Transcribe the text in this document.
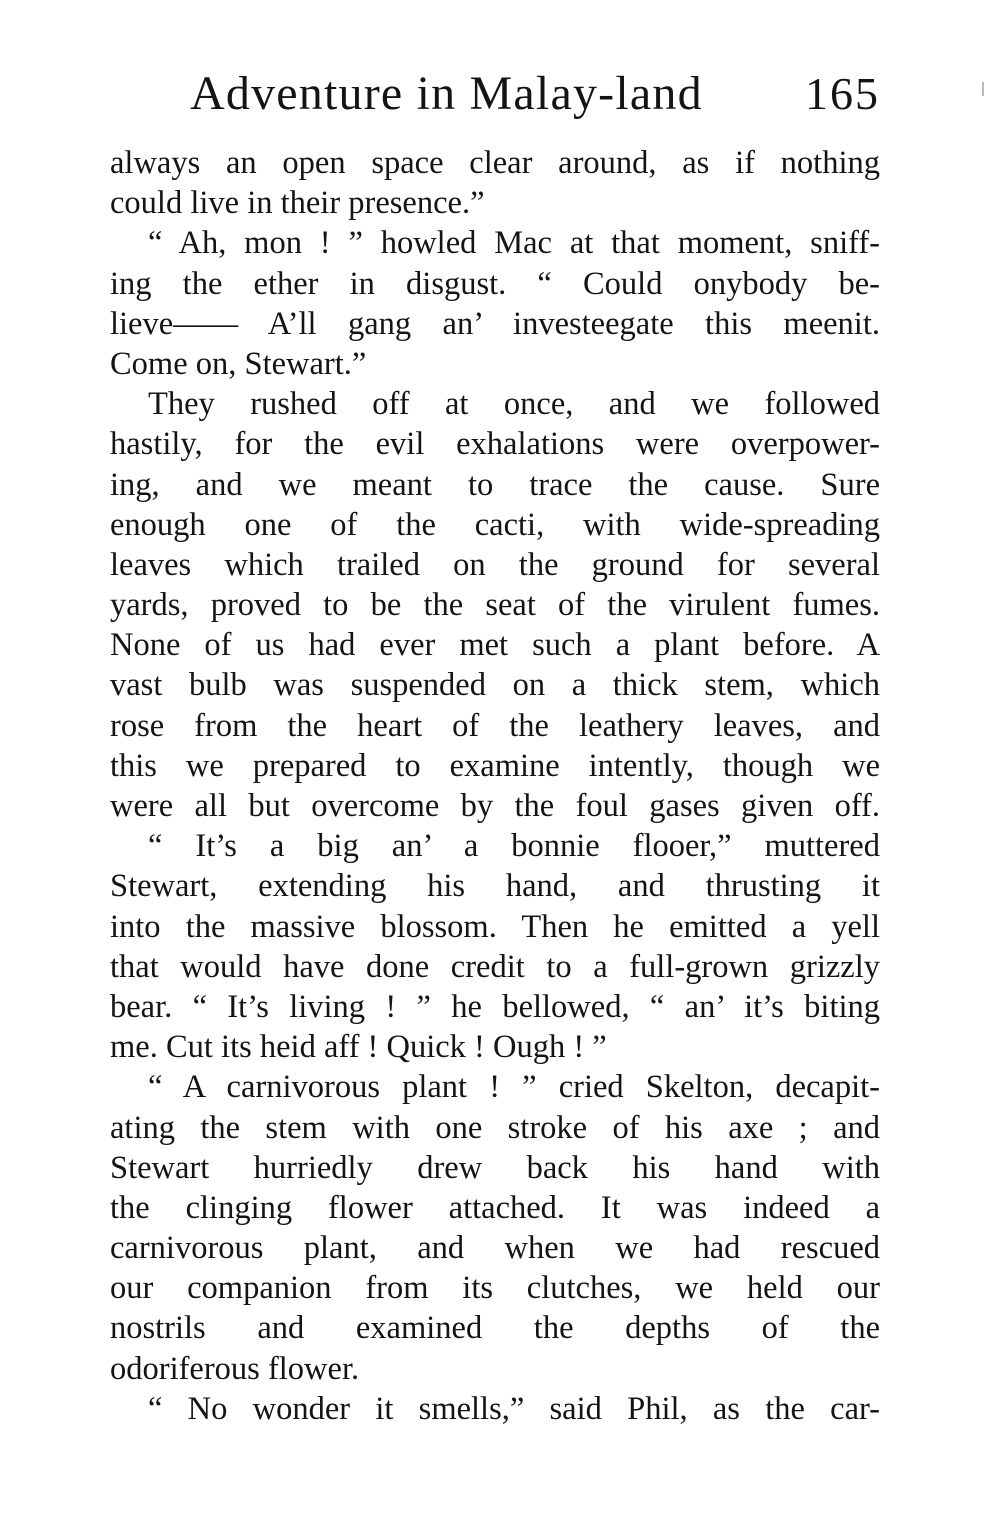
Adventure in Malay-land 165
always an open space clear around, as if nothing
could live in their presence.”
“ Ah, mon ! ” howled Mac at that moment, sniff-
ing the ether in disgust. “ Could onybody be-
lieve—— A’ll gang an’ investeegate this meenit.
Come on, Stewart.”
They rushed off at once, and we followed
hastily, for the evil exhalations were overpower-
ing, and we meant to trace the cause. Sure
enough one of the cacti, with wide-spreading
leaves which trailed on the ground for several
yards, proved to be the seat of the virulent fumes.
None of us had ever met such a plant before. A
vast bulb was suspended on a thick stem, which
rose from the heart of the leathery leaves, and
this we prepared to examine intently, though we
were all but overcome by the foul gases given off.
“ It’s a big an’ a bonnie flooer,” muttered
Stewart, extending his hand, and thrusting it
into the massive blossom. Then he emitted a yell
that would have done credit to a full-grown grizzly
bear. “ It’s living ! ” he bellowed, “ an’ it’s biting
me. Cut its heid aff ! Quick ! Ough ! ”
“ A carnivorous plant ! ” cried Skelton, decapit-
ating the stem with one stroke of his axe ; and
Stewart hurriedly drew back his hand with
the clinging flower attached. It was indeed a
carnivorous plant, and when we had rescued
our companion from its clutches, we held our
nostrils and examined the depths of the
odoriferous flower.
“ No wonder it smells,” said Phil, as the car-
